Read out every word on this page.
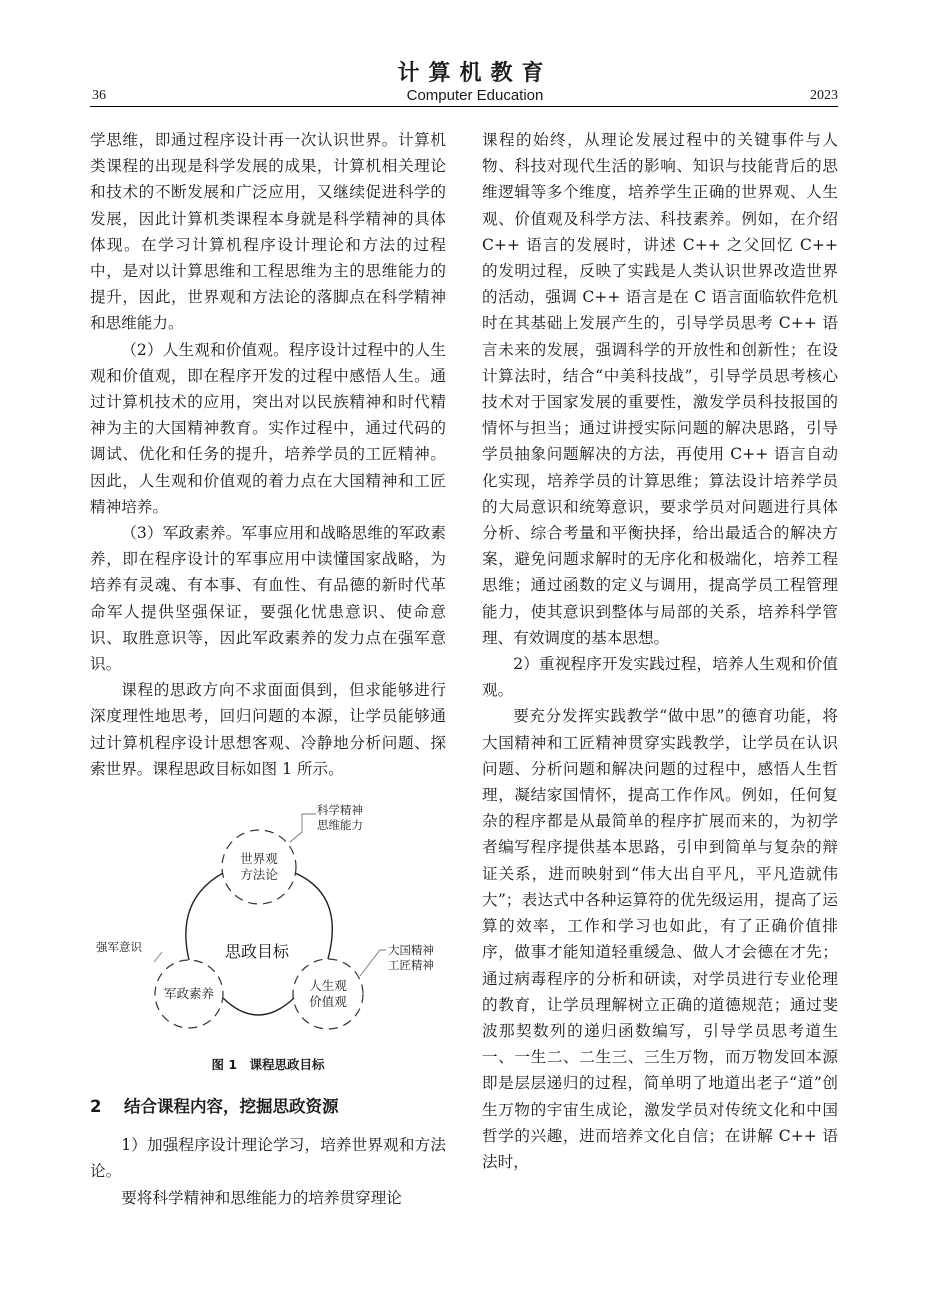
计算机教育
36	Computer Education	2023

学思维，即通过程序设计再一次认识世界。计算机类课程的出现是科学发展的成果，计算机相关理论和技术的不断发展和广泛应用，又继续促进科学的发展，因此计算机类课程本身就是科学精神的具体体现。在学习计算机程序设计理论和方法的过程中，是对以计算思维和工程思维为主的思维能力的提升，因此，世界观和方法论的落脚点在科学精神和思维能力。

（2）人生观和价值观。程序设计过程中的人生观和价值观，即在程序开发的过程中感悟人生。通过计算机技术的应用，突出对以民族精神和时代精神为主的大国精神教育。实作过程中，通过代码的调试、优化和任务的提升，培养学员的工匠精神。因此，人生观和价值观的着力点在大国精神和工匠精神培养。

（3）军政素养。军事应用和战略思维的军政素养，即在程序设计的军事应用中读懂国家战略，为培养有灵魂、有本事、有血性、有品德的新时代革命军人提供坚强保证，要强化忧患意识、使命意识、取胜意识等，因此军政素养的发力点在强军意识。

课程的思政方向不求面面俱到，但求能够进行深度理性地思考，回归问题的本源，让学员能够通过计算机程序设计思想客观、冷静地分析问题、探索世界。课程思政目标如图 1 所示。

世界观
方法论
军政素养
人生观
价值观
思政目标
科学精神
思维能力
强军意识	大国精神
工匠精神
图 1　课程思政目标

2 结合课程内容，挖掘思政资源

1）加强程序设计理论学习，培养世界观和方法论。

要将科学精神和思维能力的培养贯穿理论

课程的始终，从理论发展过程中的关键事件与人物、科技对现代生活的影响、知识与技能背后的思维逻辑等多个维度，培养学生正确的世界观、人生观、价值观及科学方法、科技素养。例如，在介绍 C++ 语言的发展时，讲述 C++ 之父回忆 C++ 的发明过程，反映了实践是人类认识世界改造世界的活动，强调 C++ 语言是在 C 语言面临软件危机时在其基础上发展产生的，引导学员思考 C++ 语言未来的发展，强调科学的开放性和创新性；在设计算法时，结合“中美科技战”，引导学员思考核心技术对于国家发展的重要性，激发学员科技报国的情怀与担当；通过讲授实际问题的解决思路，引导学员抽象问题解决的方法，再使用 C++ 语言自动化实现，培养学员的计算思维；算法设计培养学员的大局意识和统筹意识，要求学员对问题进行具体分析、综合考量和平衡抉择，给出最适合的解决方案，避免问题求解时的无序化和极端化，培养工程思维；通过函数的定义与调用，提高学员工程管理能力，使其意识到整体与局部的关系，培养科学管理、有效调度的基本思想。

2）重视程序开发实践过程，培养人生观和价值观。

要充分发挥实践教学“做中思”的德育功能，将大国精神和工匠精神贯穿实践教学，让学员在认识问题、分析问题和解决问题的过程中，感悟人生哲理，凝结家国情怀，提高工作作风。例如，任何复杂的程序都是从最简单的程序扩展而来的，为初学者编写程序提供基本思路，引申到简单与复杂的辩证关系，进而映射到“伟大出自平凡，平凡造就伟大”；表达式中各种运算符的优先级运用，提高了运算的效率，工作和学习也如此，有了正确价值排序，做事才能知道轻重缓急、做人才会德在才先；通过病毒程序的分析和研读，对学员进行专业伦理的教育，让学员理解树立正确的道德规范；通过斐波那契数列的递归函数编写，引导学员思考道生一、一生二、二生三、三生万物，而万物发回本源即是层层递归的过程，简单明了地道出老子“道”创生万物的宇宙生成论，激发学员对传统文化和中国哲学的兴趣，进而培养文化自信；在讲解 C++ 语法时，
